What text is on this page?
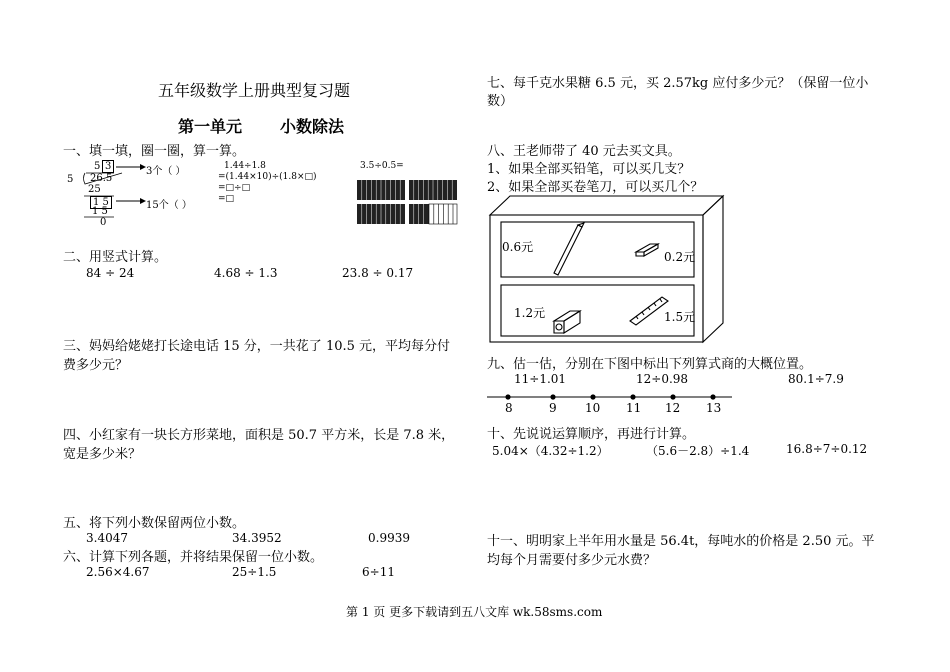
五年级数学上册典型复习题
第一单元 小数除法
一、填一填，圈一圈，算一算。
5 3
5 26.5
25
1 5
1 5
0
3个（ ）
15个（ ）
1.44÷1.8
=(1.44×10)÷(1.8×□)
=□÷□
=□
3.5÷0.5=
二、用竖式计算。
84 ÷ 24	4.68 ÷ 1.3	23.8 ÷ 0.17
三、妈妈给姥姥打长途电话 15 分，一共花了 10.5 元，平均每分付
费多少元？
四、小红家有一块长方形菜地，面积是 50.7 平方米，长是 7.8 米，
宽是多少米？
五、将下列小数保留两位小数。
3.4047	34.3952	0.9939
六、计算下列各题，并将结果保留一位小数。
2.56×4.67	25÷1.5	6÷11
七、每千克水果糖 6.5 元，买 2.57kg 应付多少元？（保留一位小
数）
八、王老师带了 40 元去买文具。
1、如果全部买铅笔，可以买几支？
2、如果全部买卷笔刀，可以买几个？
0.6元
0.2元
1.2元	1.5元
九、估一估，分别在下图中标出下列算式商的大概位置。
11÷1.01	12÷0.98	80.1÷7.9
8	9 10 11 12 13
十、先说说运算顺序，再进行计算。
5.04×（4.32÷1.2）	（5.6－2.8）÷1.4	16.8÷7÷0.12
十一、明明家上半年用水量是 56.4t，每吨水的价格是 2.50 元。平
均每个月需要付多少元水费？
第 1 页 更多下载请到五八文库 wk.58sms.com
